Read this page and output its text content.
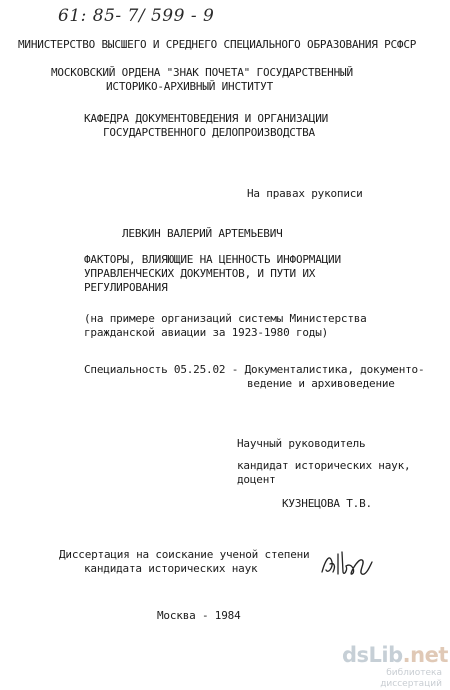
61: 85- 7/ 599 - 9
МИНИСТЕРСТВО ВЫСШЕГО И СРЕДНЕГО СПЕЦИАЛЬНОГО ОБРАЗОВАНИЯ РСФСР
МОСКОВСКИЙ ОРДЕНА "ЗНАК ПОЧЕТА" ГОСУДАРСТВЕННЫЙ
ИСТОРИКО-АРХИВНЫЙ ИНСТИТУТ
КАФЕДРА ДОКУМЕНТОВЕДЕНИЯ И ОРГАНИЗАЦИИ
ГОСУДАРСТВЕННОГО ДЕЛОПРОИЗВОДСТВА
На правах рукописи
ЛЕВКИН ВАЛЕРИЙ АРТЕМЬЕВИЧ
ФАКТОРЫ, ВЛИЯЮЩИЕ НА ЦЕННОСТЬ ИНФОРМАЦИИ
УПРАВЛЕНЧЕСКИХ ДОКУМЕНТОВ, И ПУТИ ИХ
РЕГУЛИРОВАНИЯ
(на примере организаций системы Министерства
гражданской авиации за 1923-1980 годы)
Специальность 05.25.02 - Документалистика, документо-
ведение и архивоведение
Научный руководитель
кандидат исторических наук,
доцент
КУЗНЕЦОВА Т.В.
Диссертация на соискание ученой степени
кандидата исторических наук
Москва - 1984
dsLib.net
библиотека диссертаций
